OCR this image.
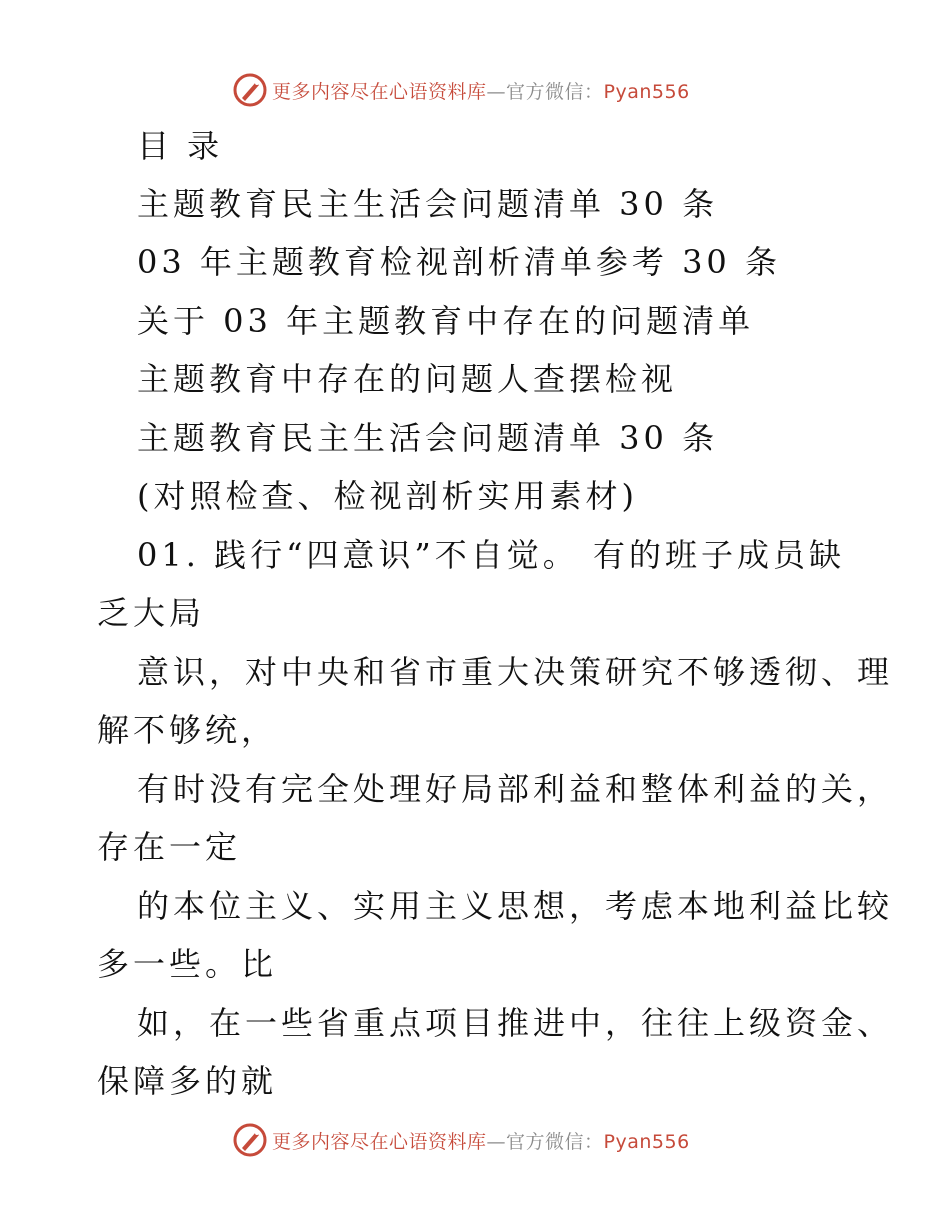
更多内容尽在心语资料库—官方微信：Pyan556
目 录
主题教育民主生活会问题清单 30 条
03 年主题教育检视剖析清单参考 30 条
关于 03 年主题教育中存在的问题清单
主题教育中存在的问题人查摆检视
主题教育民主生活会问题清单 30 条
(对照检查、检视剖析实用素材)
01. 践行“四意识”不自觉。 有的班子成员缺
乏大局
意识，对中央和省市重大决策研究不够透彻、理
解不够统，
有时没有完全处理好局部利益和整体利益的关，
存在一定
的本位主义、实用主义思想，考虑本地利益比较
多一些。比
如，在一些省重点项目推进中，往往上级资金、
保障多的就
更多内容尽在心语资料库—官方微信：Pyan556
